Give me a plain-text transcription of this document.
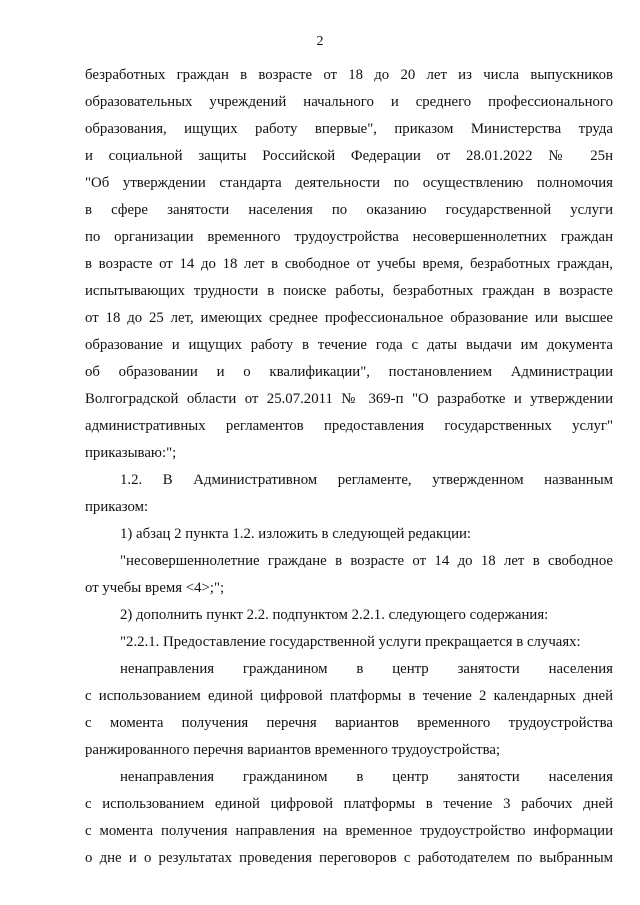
2
безработных граждан в возрасте от 18 до 20 лет из числа выпускников
образовательных учреждений начального и среднего профессионального
образования, ищущих работу впервые", приказом Министерства труда
и социальной защиты Российской Федерации от 28.01.2022 № 25н
"Об утверждении стандарта деятельности по осуществлению полномочия
в сфере занятости населения по оказанию государственной услуги
по организации временного трудоустройства несовершеннолетних граждан
в возрасте от 14 до 18 лет в свободное от учебы время, безработных граждан,
испытывающих трудности в поиске работы, безработных граждан в возрасте
от 18 до 25 лет, имеющих среднее профессиональное образование или высшее
образование и ищущих работу в течение года с даты выдачи им документа
об образовании и о квалификации", постановлением Администрации
Волгоградской области от 25.07.2011 № 369-п "О разработке и утверждении
административных регламентов предоставления государственных услуг"
приказываю:";
1.2. В Административном регламенте, утвержденном названным
приказом:
1) абзац 2 пункта 1.2. изложить в следующей редакции:
"несовершеннолетние граждане в возрасте от 14 до 18 лет в свободное
от учебы время <4>;";
2) дополнить пункт 2.2. подпунктом 2.2.1. следующего содержания:
"2.2.1. Предоставление государственной услуги прекращается в случаях:
ненаправления гражданином в центр занятости населения
с использованием единой цифровой платформы в течение 2 календарных дней
с момента получения перечня вариантов временного трудоустройства
ранжированного перечня вариантов временного трудоустройства;
ненаправления гражданином в центр занятости населения
с использованием единой цифровой платформы в течение 3 рабочих дней
с момента получения направления на временное трудоустройство информации
о дне и о результатах проведения переговоров с работодателем по выбранным
